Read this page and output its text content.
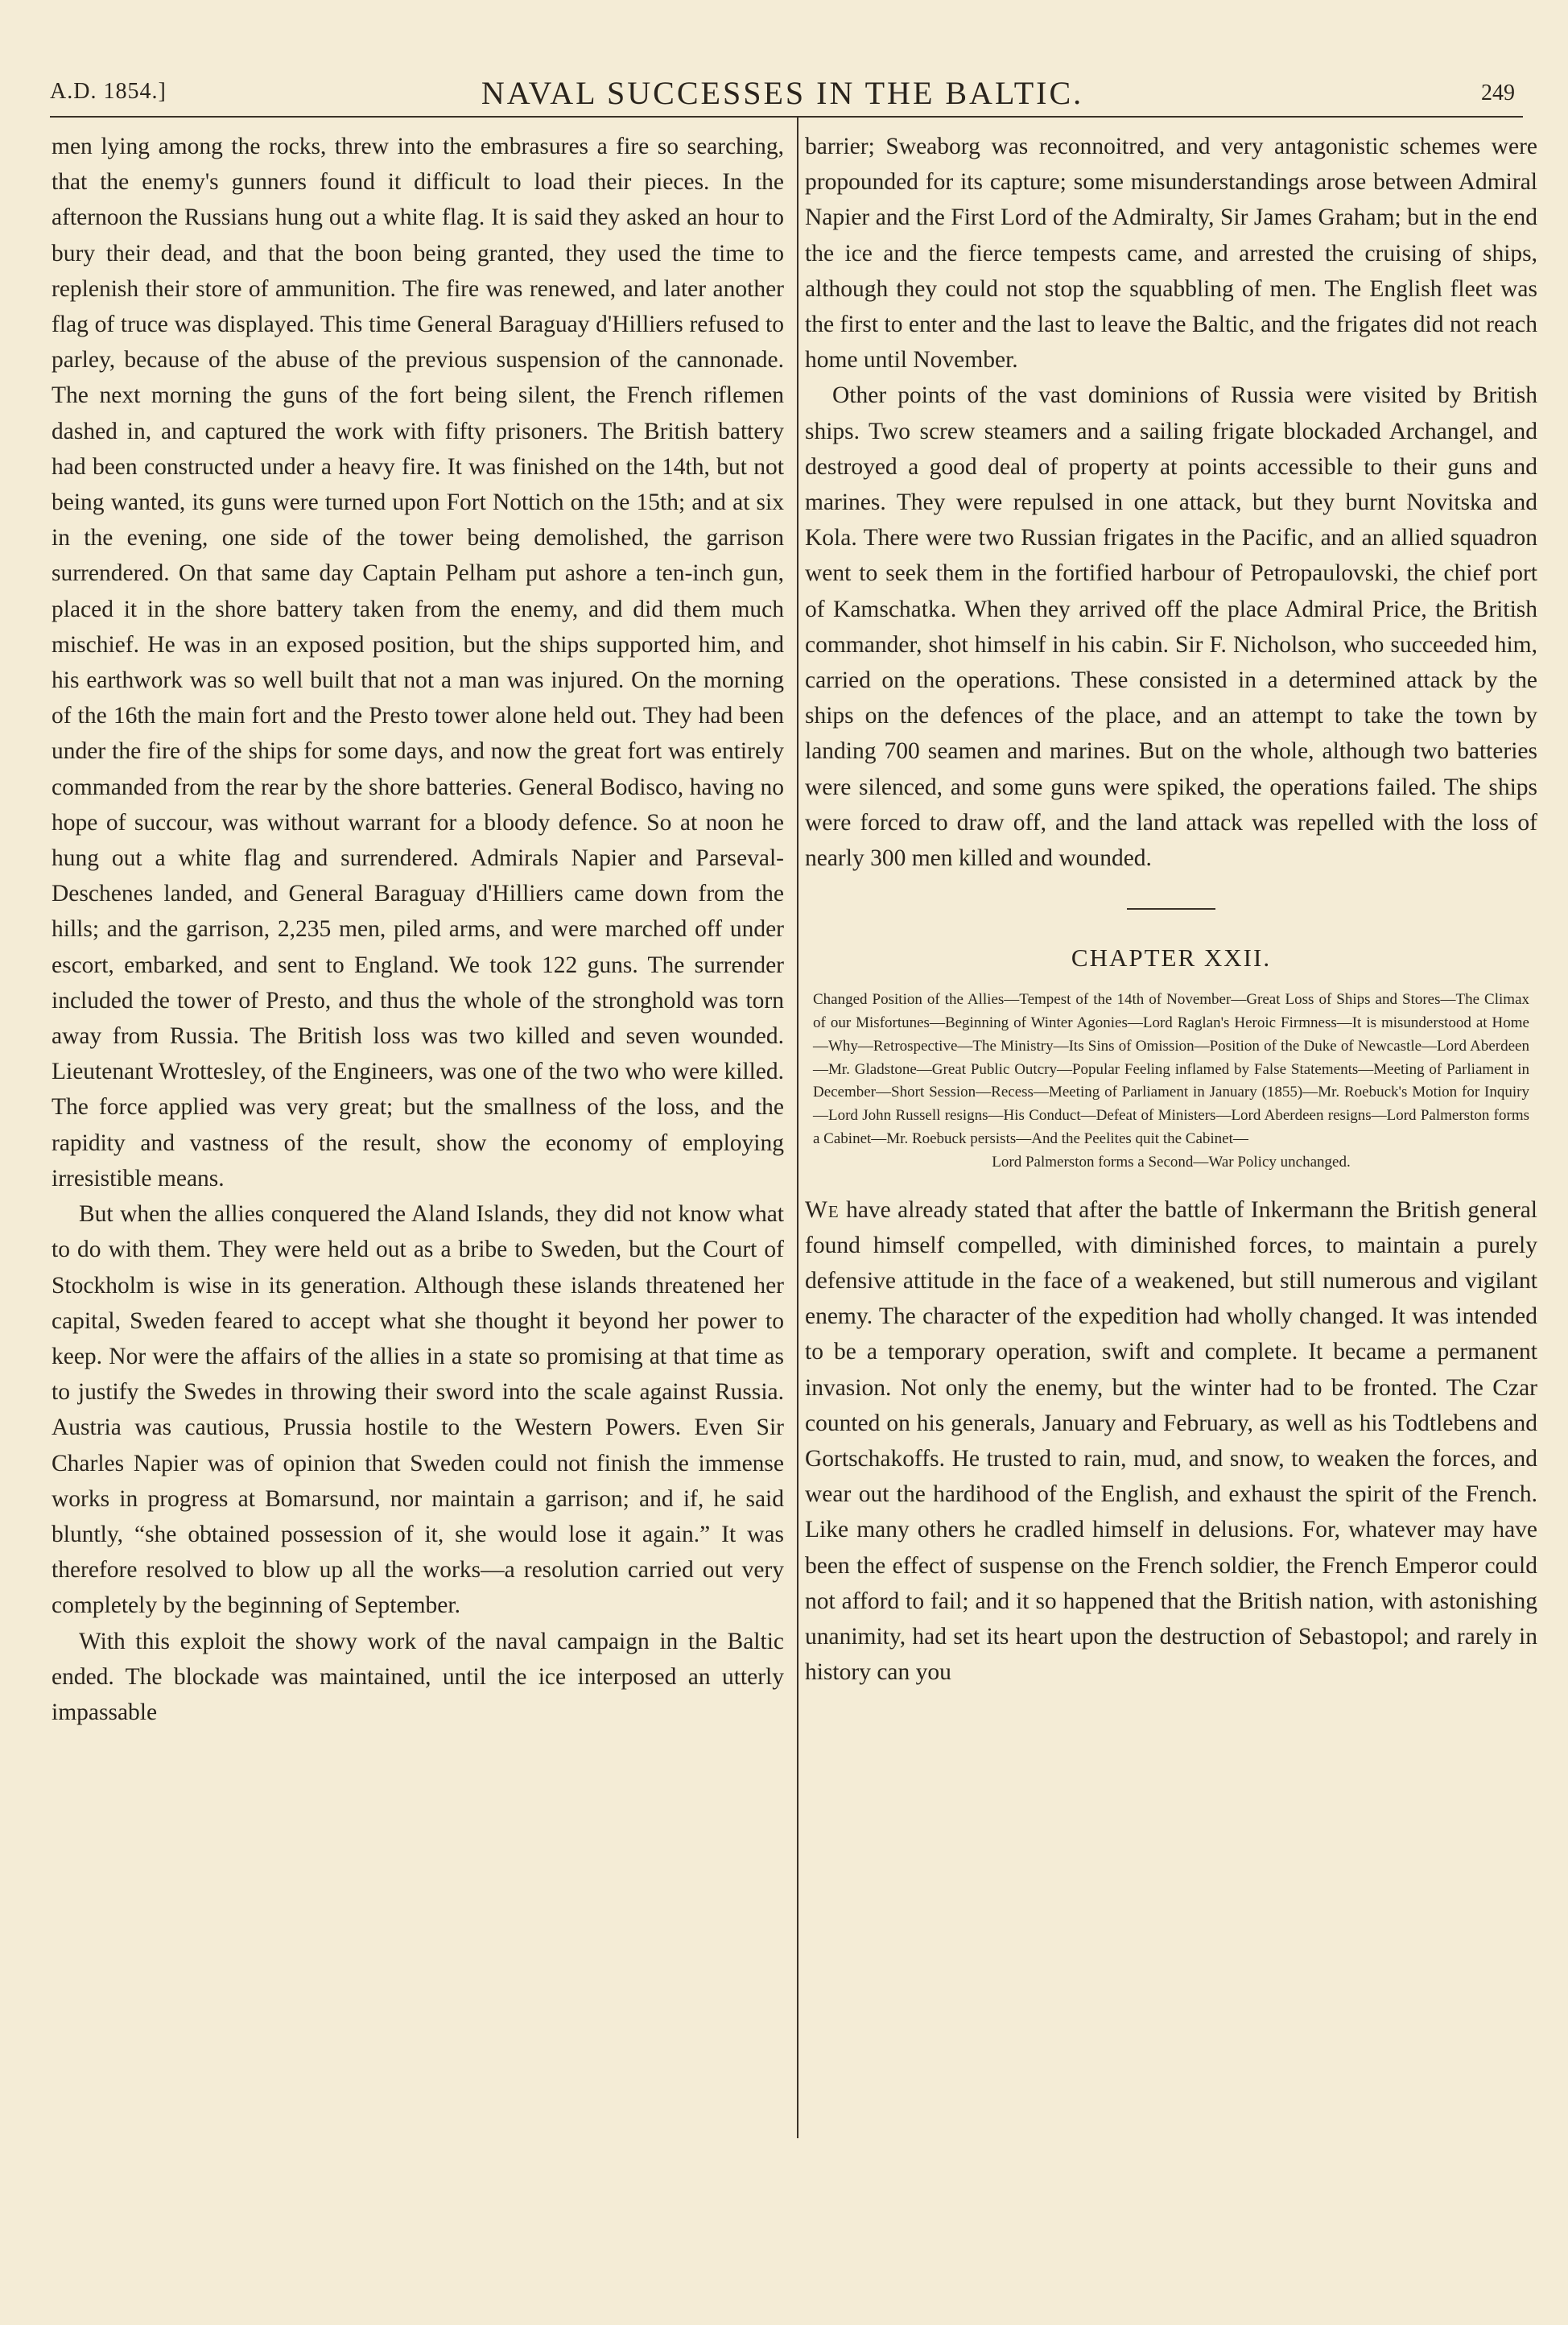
A.D. 1854.]	NAVAL SUCCESSES IN THE BALTIC.	249

men lying among the rocks, threw into the embrasures a fire so searching, that the enemy's gunners found it difficult to load their pieces. In the afternoon the Russians hung out a white flag. It is said they asked an hour to bury their dead, and that the boon being granted, they used the time to replenish their store of ammunition. The fire was renewed, and later another flag of truce was displayed. This time General Baraguay d'Hilliers refused to parley, because of the abuse of the previous suspension of the cannonade. The next morning the guns of the fort being silent, the French riflemen dashed in, and captured the work with fifty prisoners. The British battery had been constructed under a heavy fire. It was finished on the 14th, but not being wanted, its guns were turned upon Fort Nottich on the 15th; and at six in the evening, one side of the tower being demolished, the garrison surrendered. On that same day Captain Pelham put ashore a ten-inch gun, placed it in the shore battery taken from the enemy, and did them much mischief. He was in an exposed position, but the ships supported him, and his earthwork was so well built that not a man was injured. On the morning of the 16th the main fort and the Presto tower alone held out. They had been under the fire of the ships for some days, and now the great fort was entirely commanded from the rear by the shore batteries. General Bodisco, having no hope of succour, was without warrant for a bloody defence. So at noon he hung out a white flag and surrendered. Admirals Napier and Parseval-Deschenes landed, and General Baraguay d'Hilliers came down from the hills; and the garrison, 2,235 men, piled arms, and were marched off under escort, embarked, and sent to England. We took 122 guns. The surrender included the tower of Presto, and thus the whole of the stronghold was torn away from Russia. The British loss was two killed and seven wounded. Lieutenant Wrottesley, of the Engineers, was one of the two who were killed. The force applied was very great; but the smallness of the loss, and the rapidity and vastness of the result, show the economy of employing irresistible means.

But when the allies conquered the Aland Islands, they did not know what to do with them. They were held out as a bribe to Sweden, but the Court of Stockholm is wise in its generation. Although these islands threatened her capital, Sweden feared to accept what she thought it beyond her power to keep. Nor were the affairs of the allies in a state so promising at that time as to justify the Swedes in throwing their sword into the scale against Russia. Austria was cautious, Prussia hostile to the Western Powers. Even Sir Charles Napier was of opinion that Sweden could not finish the immense works in progress at Bomarsund, nor maintain a garrison; and if, he said bluntly, “she obtained possession of it, she would lose it again.” It was therefore resolved to blow up all the works—a resolution carried out very completely by the beginning of September.

With this exploit the showy work of the naval campaign in the Baltic ended. The blockade was maintained, until the ice interposed an utterly impassable

barrier; Sweaborg was reconnoitred, and very antagonistic schemes were propounded for its capture; some misunderstandings arose between Admiral Napier and the First Lord of the Admiralty, Sir James Graham; but in the end the ice and the fierce tempests came, and arrested the cruising of ships, although they could not stop the squabbling of men. The English fleet was the first to enter and the last to leave the Baltic, and the frigates did not reach home until November.

Other points of the vast dominions of Russia were visited by British ships. Two screw steamers and a sailing frigate blockaded Archangel, and destroyed a good deal of property at points accessible to their guns and marines. They were repulsed in one attack, but they burnt Novitska and Kola. There were two Russian frigates in the Pacific, and an allied squadron went to seek them in the fortified harbour of Petropaulovski, the chief port of Kamschatka. When they arrived off the place Admiral Price, the British commander, shot himself in his cabin. Sir F. Nicholson, who succeeded him, carried on the operations. These consisted in a determined attack by the ships on the defences of the place, and an attempt to take the town by landing 700 seamen and marines. But on the whole, although two batteries were silenced, and some guns were spiked, the operations failed. The ships were forced to draw off, and the land attack was repelled with the loss of nearly 300 men killed and wounded.

CHAPTER XXII.
Changed Position of the Allies—Tempest of the 14th of November—Great Loss of Ships and Stores—The Climax of our Misfortunes—Beginning of Winter Agonies—Lord Raglan's Heroic Firmness—It is misunderstood at Home—Why—Retrospective—The Ministry—Its Sins of Omission—Position of the Duke of Newcastle—Lord Aberdeen—Mr. Gladstone—Great Public Outcry—Popular Feeling inflamed by False Statements—Meeting of Parliament in December—Short Session—Recess—Meeting of Parliament in January (1855)—Mr. Roebuck's Motion for Inquiry—Lord John Russell resigns—His Conduct—Defeat of Ministers—Lord Aberdeen resigns—Lord Palmerston forms a Cabinet—Mr. Roebuck persists—And the Peelites quit the Cabinet—
Lord Palmerston forms a Second—War Policy unchanged.

We have already stated that after the battle of Inkermann the British general found himself compelled, with diminished forces, to maintain a purely defensive attitude in the face of a weakened, but still numerous and vigilant enemy. The character of the expedition had wholly changed. It was intended to be a temporary operation, swift and complete. It became a permanent invasion. Not only the enemy, but the winter had to be fronted. The Czar counted on his generals, January and February, as well as his Todtlebens and Gortschakoffs. He trusted to rain, mud, and snow, to weaken the forces, and wear out the hardihood of the English, and exhaust the spirit of the French. Like many others he cradled himself in delusions. For, whatever may have been the effect of suspense on the French soldier, the French Emperor could not afford to fail; and it so happened that the British nation, with astonishing unanimity, had set its heart upon the destruction of Sebastopol; and rarely in history can you
